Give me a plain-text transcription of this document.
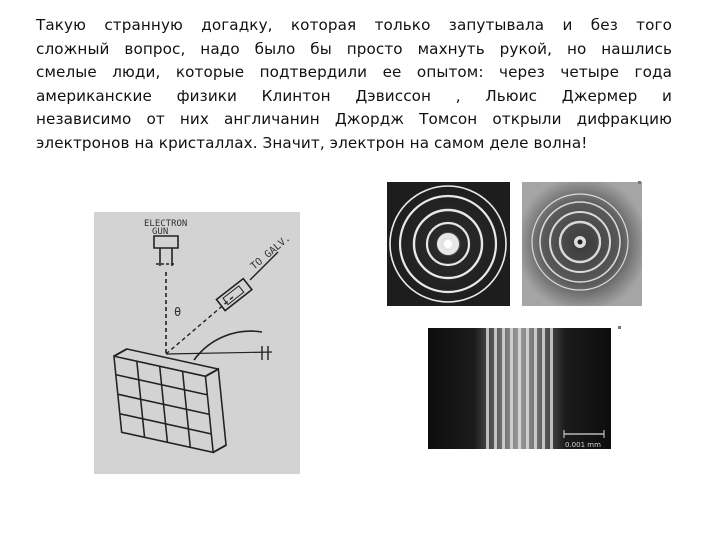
Такую странную догадку, которая только запутывала и без того
сложный вопрос, надо было бы просто махнуть рукой, но нашлись
смелые люди, которые подтвердили ее опытом: через четыре года
американские физики Клинтон Дэвиссон , Льюис Джермер и
независимо от них англичанин Джордж Томсон открыли дифракцию
электронов на кристаллах. Значит, электрон на самом деле волна!
ELECTRON
GUN
θ
TO GALV.
0.001 mm
